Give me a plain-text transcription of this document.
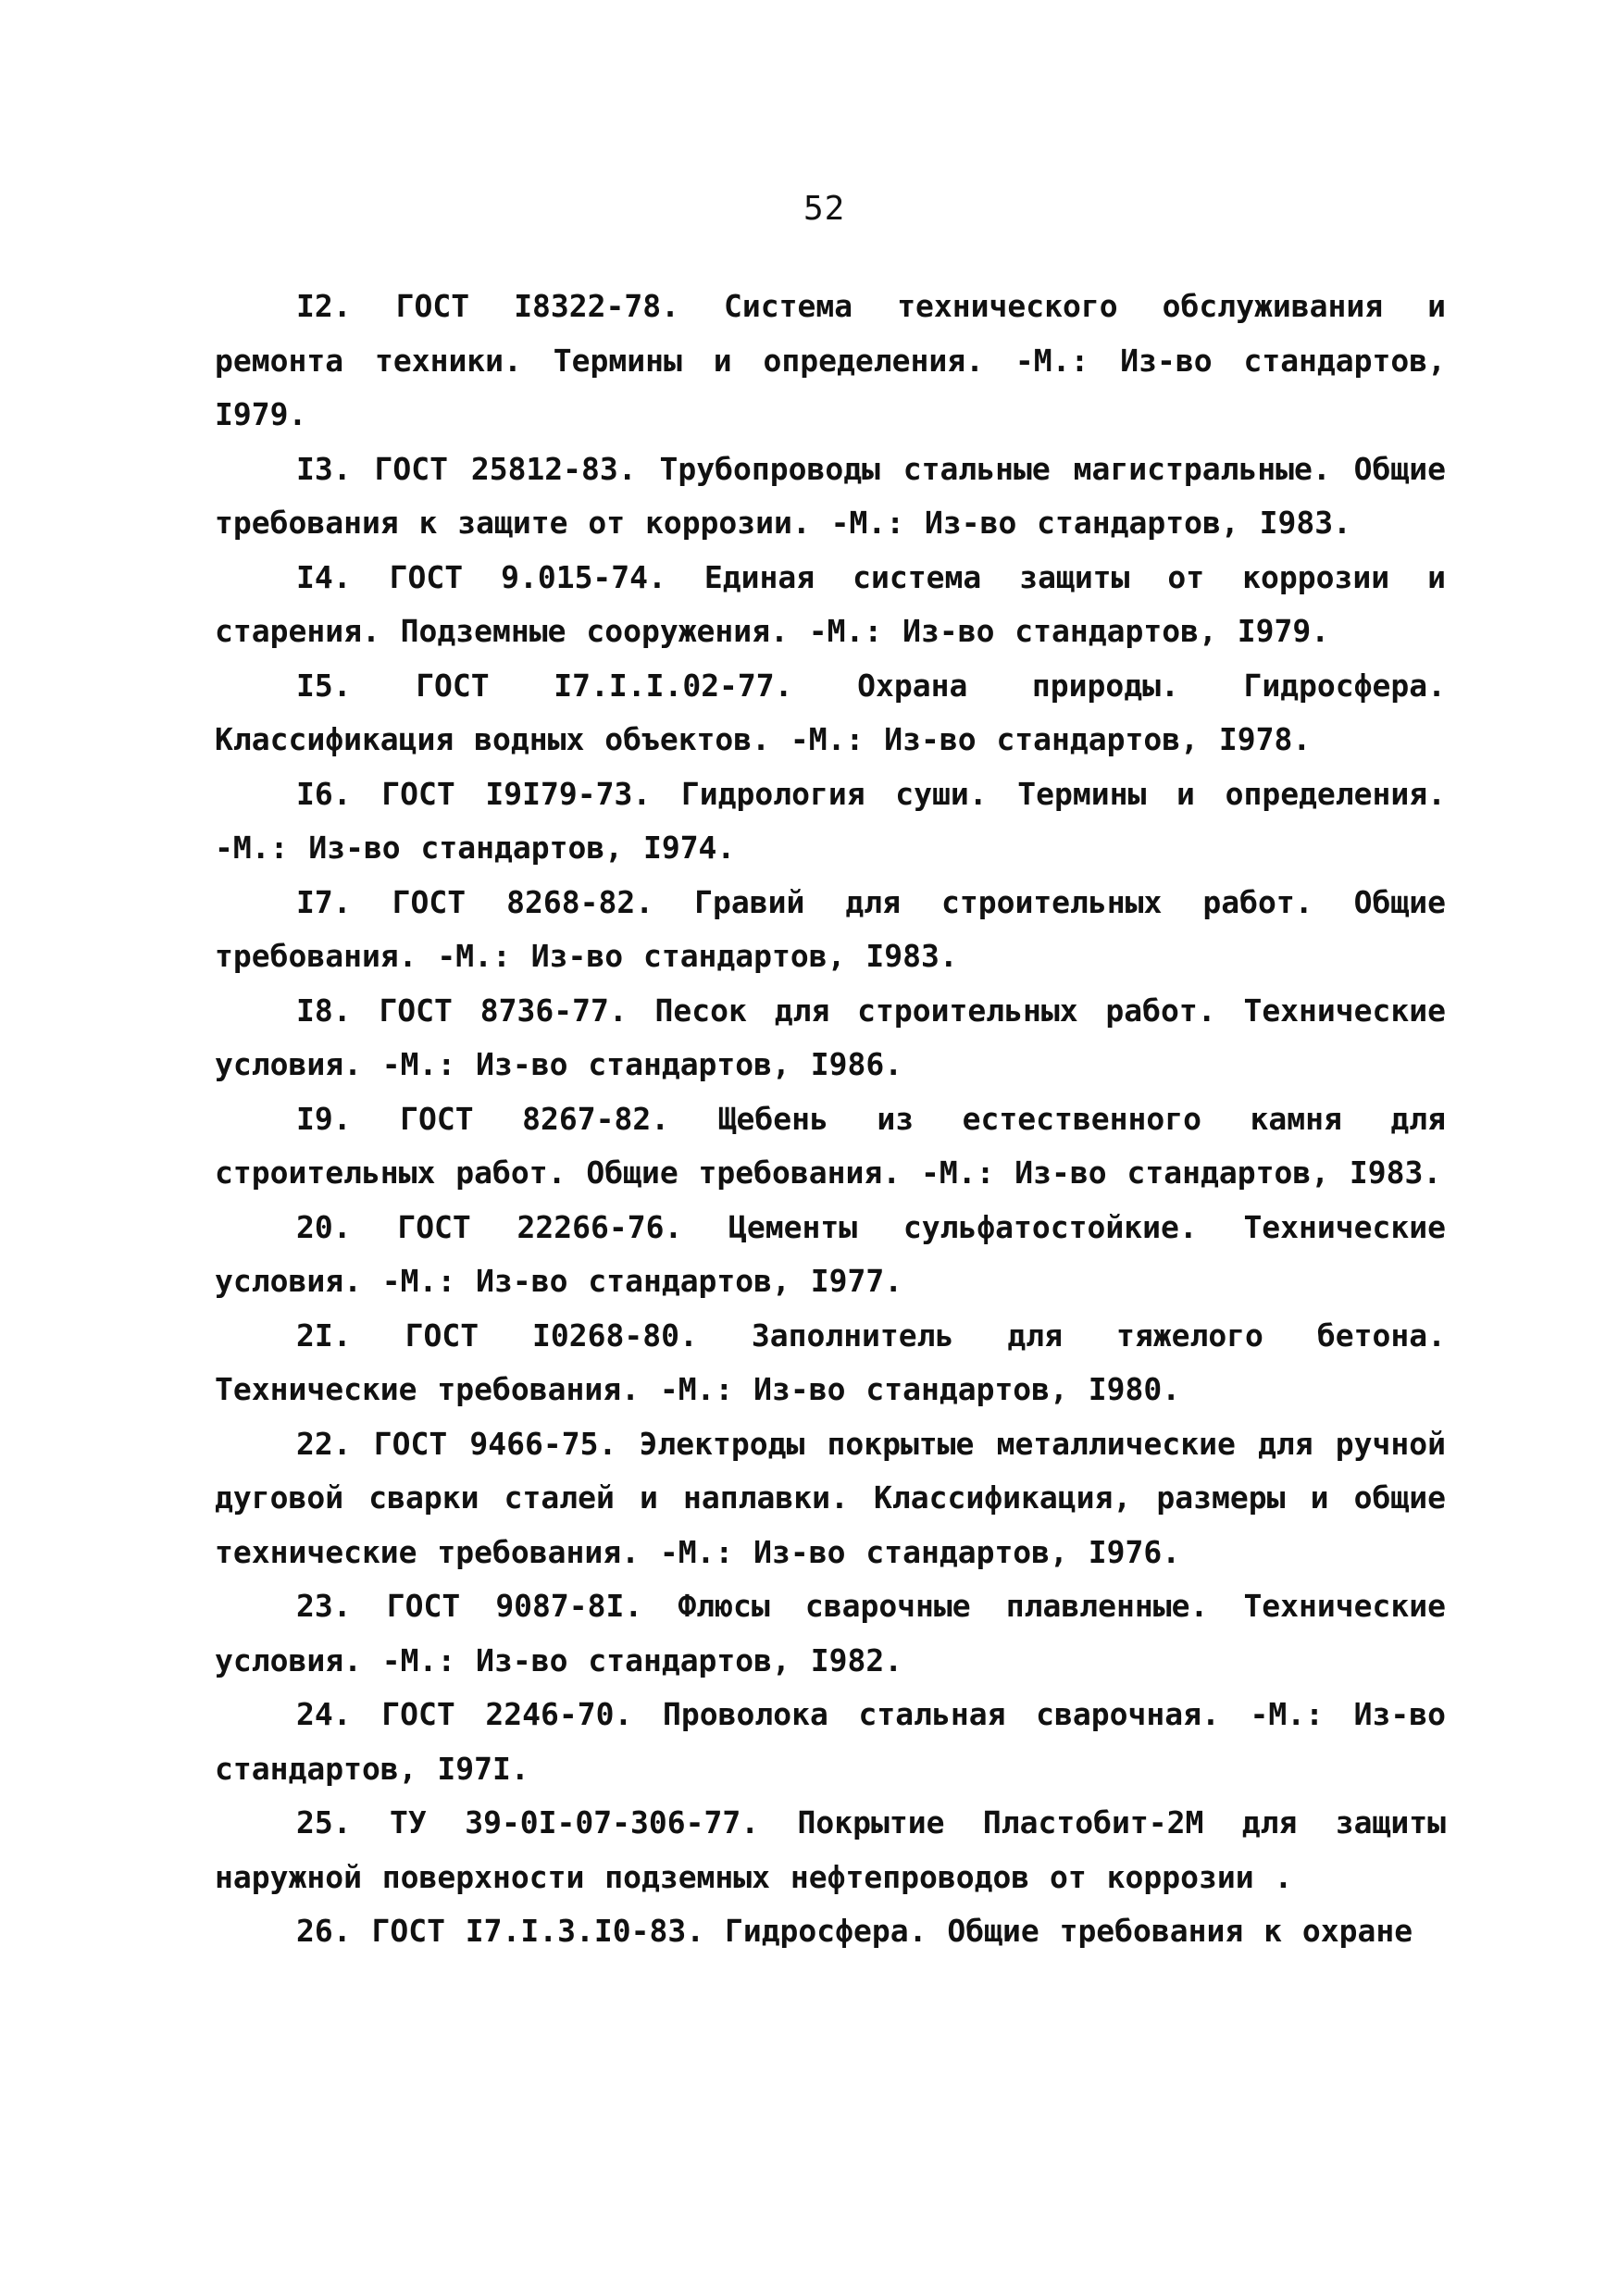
52

I2. ГОСТ I8322-78. Система технического обслуживания и ремонта техники. Термины и определения. -М.: Из-во стандартов, I979.

I3. ГОСТ 25812-83. Трубопроводы стальные магистральные. Общие требования к защите от коррозии. -М.: Из-во стандартов, I983.

I4. ГОСТ 9.015-74. Единая система защиты от коррозии и старения. Подземные сооружения. -М.: Из-во стандартов, I979.

I5. ГОСТ I7.I.I.02-77. Охрана природы. Гидросфера. Классификация водных объектов. -М.: Из-во стандартов, I978.

I6. ГОСТ I9I79-73. Гидрология суши. Термины и определения. -М.: Из-во стандартов, I974.

I7. ГОСТ 8268-82. Гравий для строительных работ. Общие требования. -М.: Из-во стандартов, I983.

I8. ГОСТ 8736-77. Песок для строительных работ. Технические условия. -М.: Из-во стандартов, I986.

I9. ГОСТ 8267-82. Щебень из естественного камня для строительных работ. Общие требования. -М.: Из-во стандартов, I983.

20. ГОСТ 22266-76. Цементы сульфатостойкие. Технические условия. -М.: Из-во стандартов, I977.

2I. ГОСТ I0268-80. Заполнитель для тяжелого бетона. Технические требования. -М.: Из-во стандартов, I980.

22. ГОСТ 9466-75. Электроды покрытые металлические для ручной дуговой сварки сталей и наплавки. Классификация, размеры и общие технические требования. -М.: Из-во стандартов, I976.

23. ГОСТ 9087-8I. Флюсы сварочные плавленные. Технические условия. -М.: Из-во стандартов, I982.

24. ГОСТ 2246-70. Проволока стальная сварочная. -М.: Из-во стандартов, I97I.

25. ТУ 39-0I-07-306-77. Покрытие Пластобит-2М для защиты наружной поверхности подземных нефтепроводов от коррозии .

26. ГОСТ I7.I.3.I0-83. Гидросфера. Общие требования к охране
